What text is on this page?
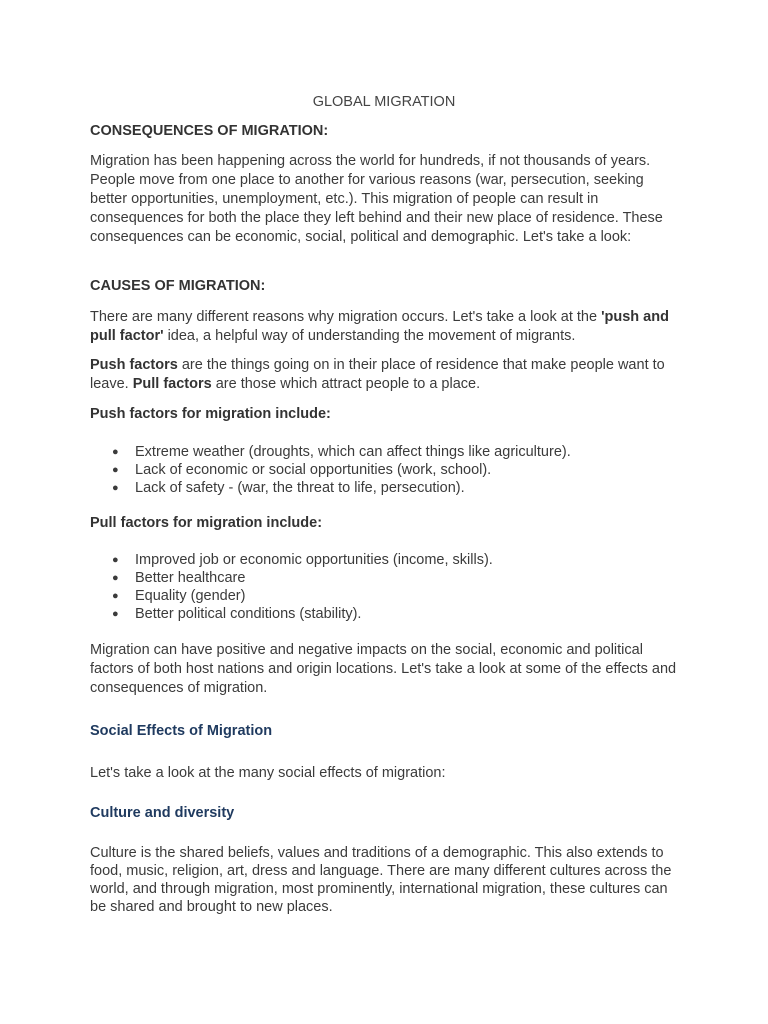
GLOBAL MIGRATION
CONSEQUENCES OF MIGRATION:
Migration has been happening across the world for hundreds, if not thousands of years. People move from one place to another for various reasons (war, persecution, seeking better opportunities, unemployment, etc.). This migration of people can result in consequences for both the place they left behind and their new place of residence. These consequences can be economic, social, political and demographic. Let's take a look:
CAUSES OF MIGRATION:
There are many different reasons why migration occurs. Let's take a look at the 'push and pull factor' idea, a helpful way of understanding the movement of migrants.
Push factors are the things going on in their place of residence that make people want to leave. Pull factors are those which attract people to a place.
Push factors for migration include:
● Extreme weather (droughts, which can affect things like agriculture).
● Lack of economic or social opportunities (work, school).
● Lack of safety - (war, the threat to life, persecution).
Pull factors for migration include:
● Improved job or economic opportunities (income, skills).
● Better healthcare
● Equality (gender)
● Better political conditions (stability).
Migration can have positive and negative impacts on the social, economic and political factors of both host nations and origin locations. Let's take a look at some of the effects and consequences of migration.
Social Effects of Migration
Let's take a look at the many social effects of migration:
Culture and diversity
Culture is the shared beliefs, values and traditions of a demographic. This also extends to food, music, religion, art, dress and language. There are many different cultures across the world, and through migration, most prominently, international migration, these cultures can be shared and brought to new places.
